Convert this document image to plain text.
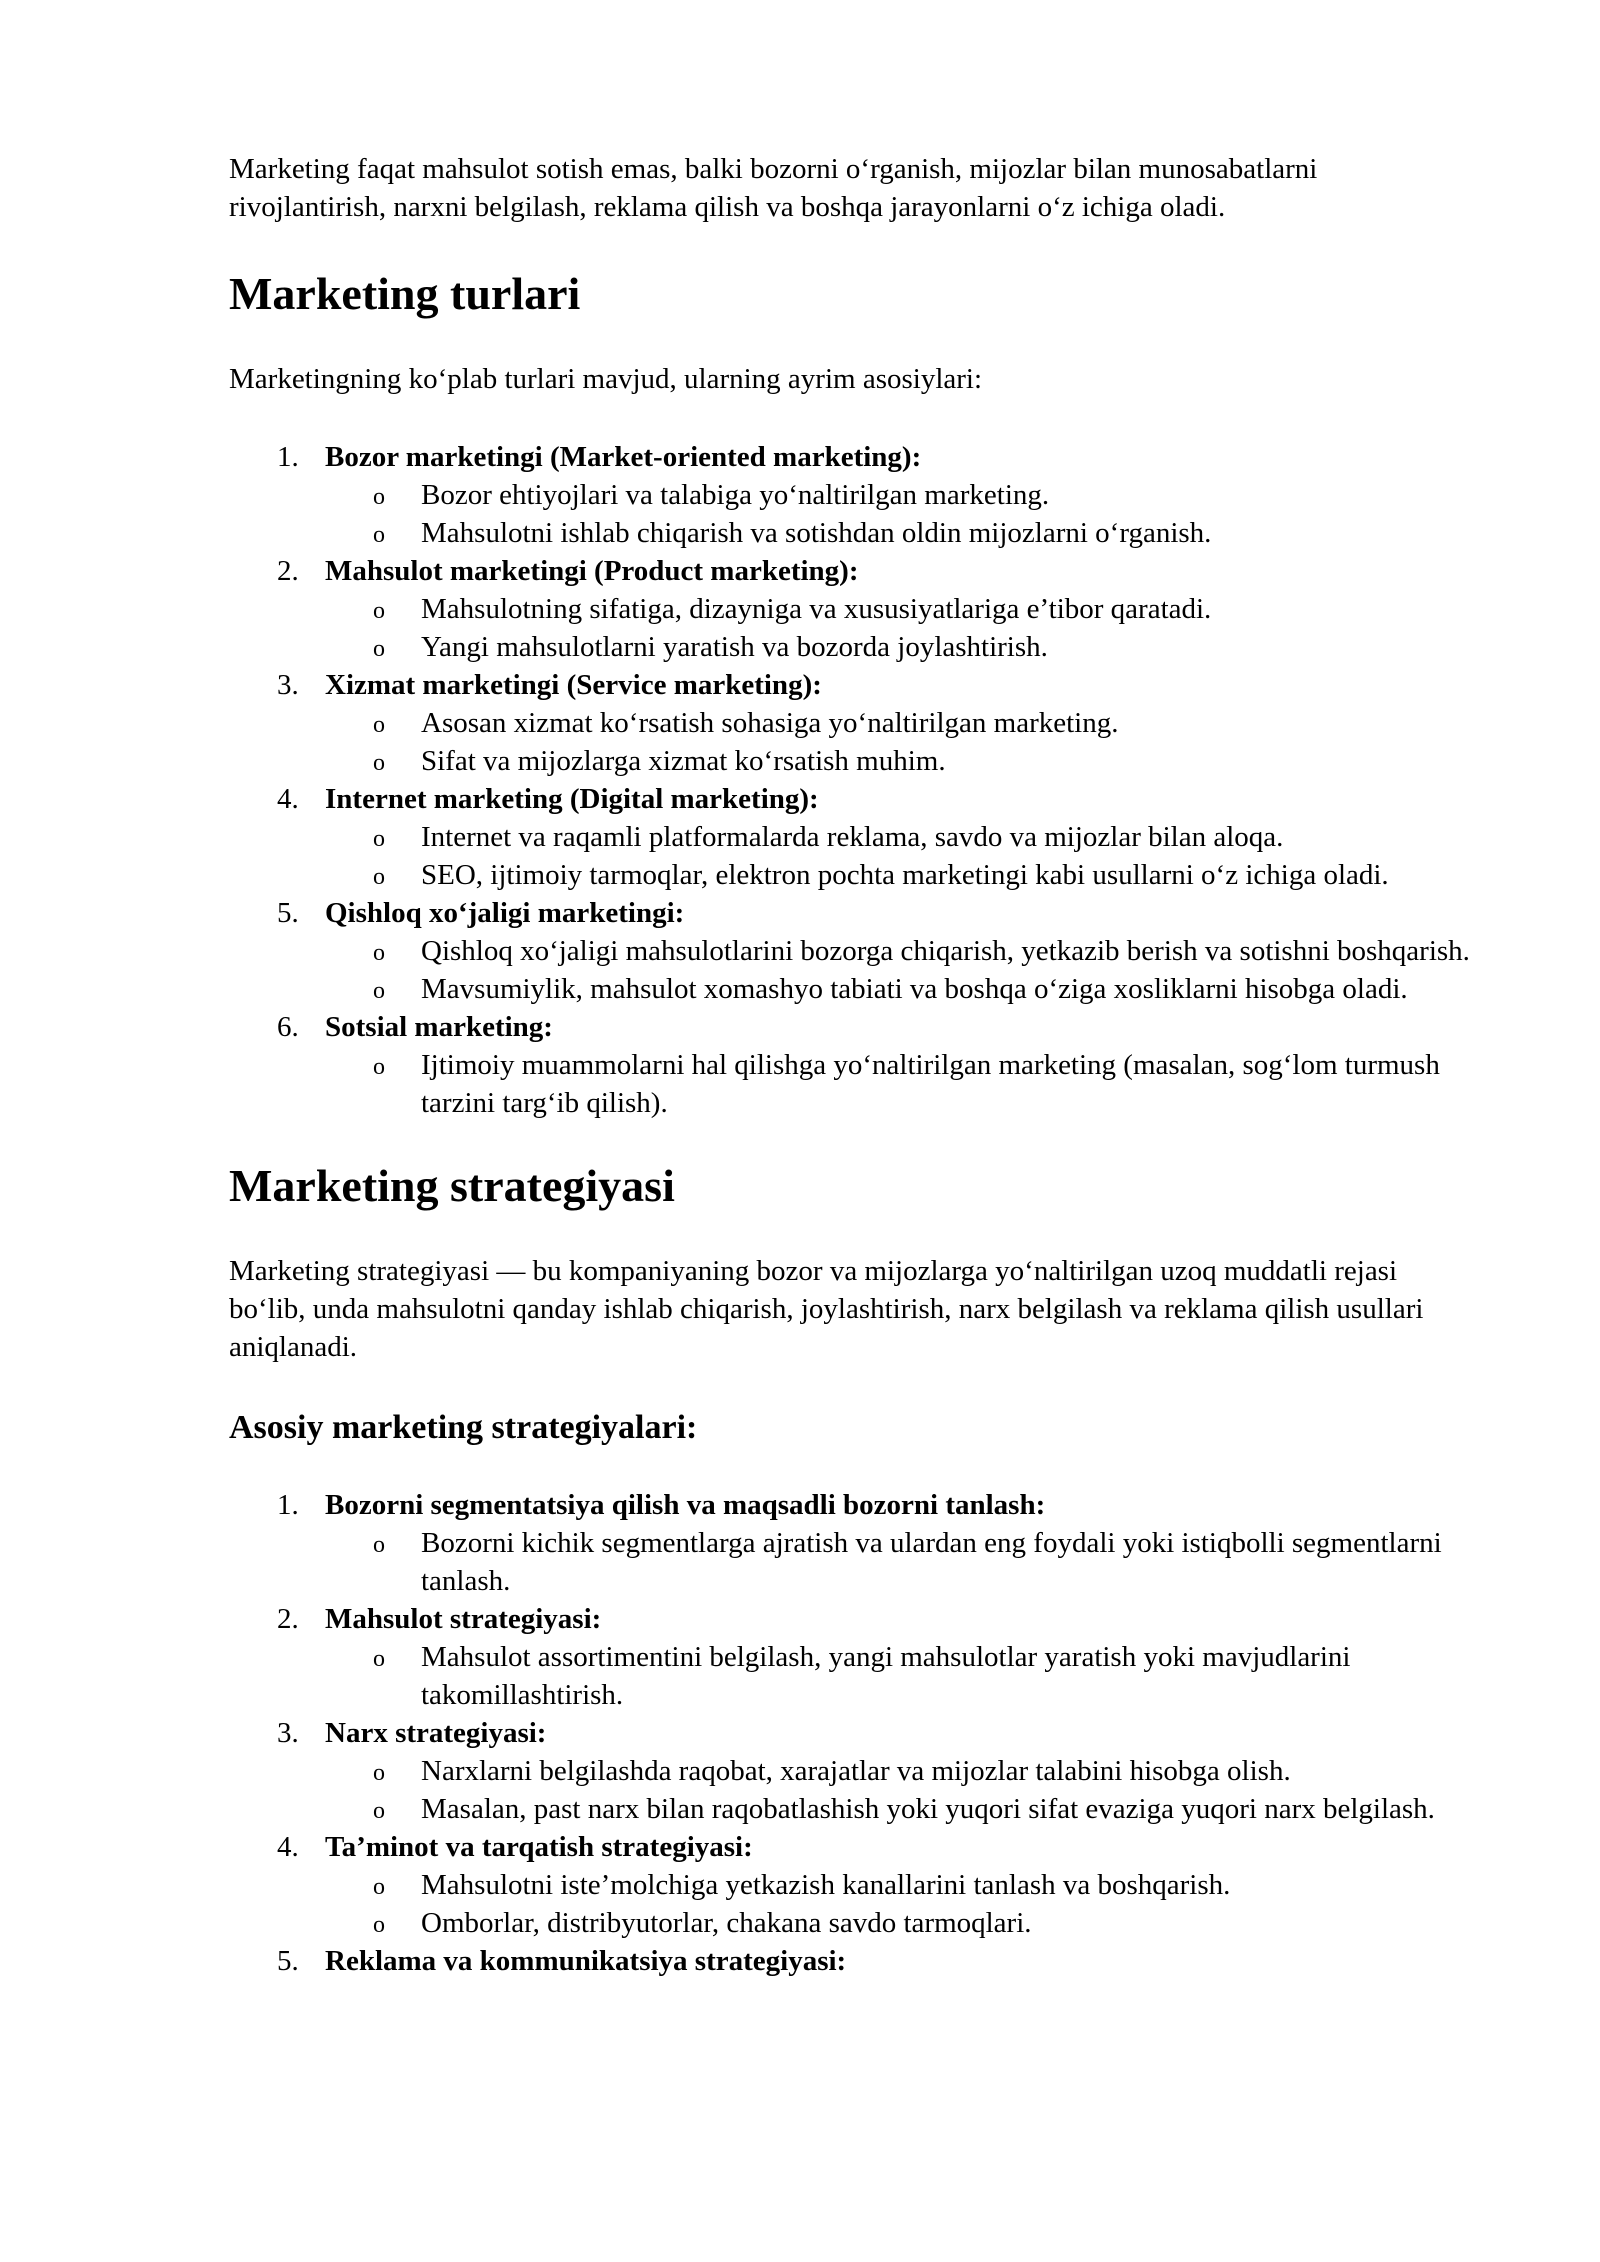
Marketing faqat mahsulot sotish emas, balki bozorni o‘rganish, mijozlar bilan munosabatlarni rivojlantirish, narxni belgilash, reklama qilish va boshqa jarayonlarni o‘z ichiga oladi.

Marketing turlari

Marketingning ko‘plab turlari mavjud, ularning ayrim asosiylari:

1. Bozor marketingi (Market-oriented marketing):
o Bozor ehtiyojlari va talabiga yo‘naltirilgan marketing.
o Mahsulotni ishlab chiqarish va sotishdan oldin mijozlarni o‘rganish.
2. Mahsulot marketingi (Product marketing):
o Mahsulotning sifatiga, dizayniga va xususiyatlariga e’tibor qaratadi.
o Yangi mahsulotlarni yaratish va bozorda joylashtirish.
3. Xizmat marketingi (Service marketing):
o Asosan xizmat ko‘rsatish sohasiga yo‘naltirilgan marketing.
o Sifat va mijozlarga xizmat ko‘rsatish muhim.
4. Internet marketing (Digital marketing):
o Internet va raqamli platformalarda reklama, savdo va mijozlar bilan aloqa.
o SEO, ijtimoiy tarmoqlar, elektron pochta marketingi kabi usullarni o‘z ichiga oladi.
5. Qishloq xo‘jaligi marketingi:
o Qishloq xo‘jaligi mahsulotlarini bozorga chiqarish, yetkazib berish va sotishni boshqarish.
o Mavsumiylik, mahsulot xomashyo tabiati va boshqa o‘ziga xosliklarni hisobga oladi.
6. Sotsial marketing:
o Ijtimoiy muammolarni hal qilishga yo‘naltirilgan marketing (masalan, sog‘lom turmush tarzini targ‘ib qilish).
Marketing strategiyasi

Marketing strategiyasi — bu kompaniyaning bozor va mijozlarga yo‘naltirilgan uzoq muddatli rejasi bo‘lib, unda mahsulotni qanday ishlab chiqarish, joylashtirish, narx belgilash va reklama qilish usullari aniqlanadi.

Asosiy marketing strategiyalari:
1. Bozorni segmentatsiya qilish va maqsadli bozorni tanlash:
o Bozorni kichik segmentlarga ajratish va ulardan eng foydali yoki istiqbolli segmentlarni tanlash.
2. Mahsulot strategiyasi:
o Mahsulot assortimentini belgilash, yangi mahsulotlar yaratish yoki mavjudlarini takomillashtirish.
3. Narx strategiyasi:
o Narxlarni belgilashda raqobat, xarajatlar va mijozlar talabini hisobga olish.
o Masalan, past narx bilan raqobatlashish yoki yuqori sifat evaziga yuqori narx belgilash.
4. Ta’minot va tarqatish strategiyasi:
o Mahsulotni iste’molchiga yetkazish kanallarini tanlash va boshqarish.
o Omborlar, distribyutorlar, chakana savdo tarmoqlari.
5. Reklama va kommunikatsiya strategiyasi:
